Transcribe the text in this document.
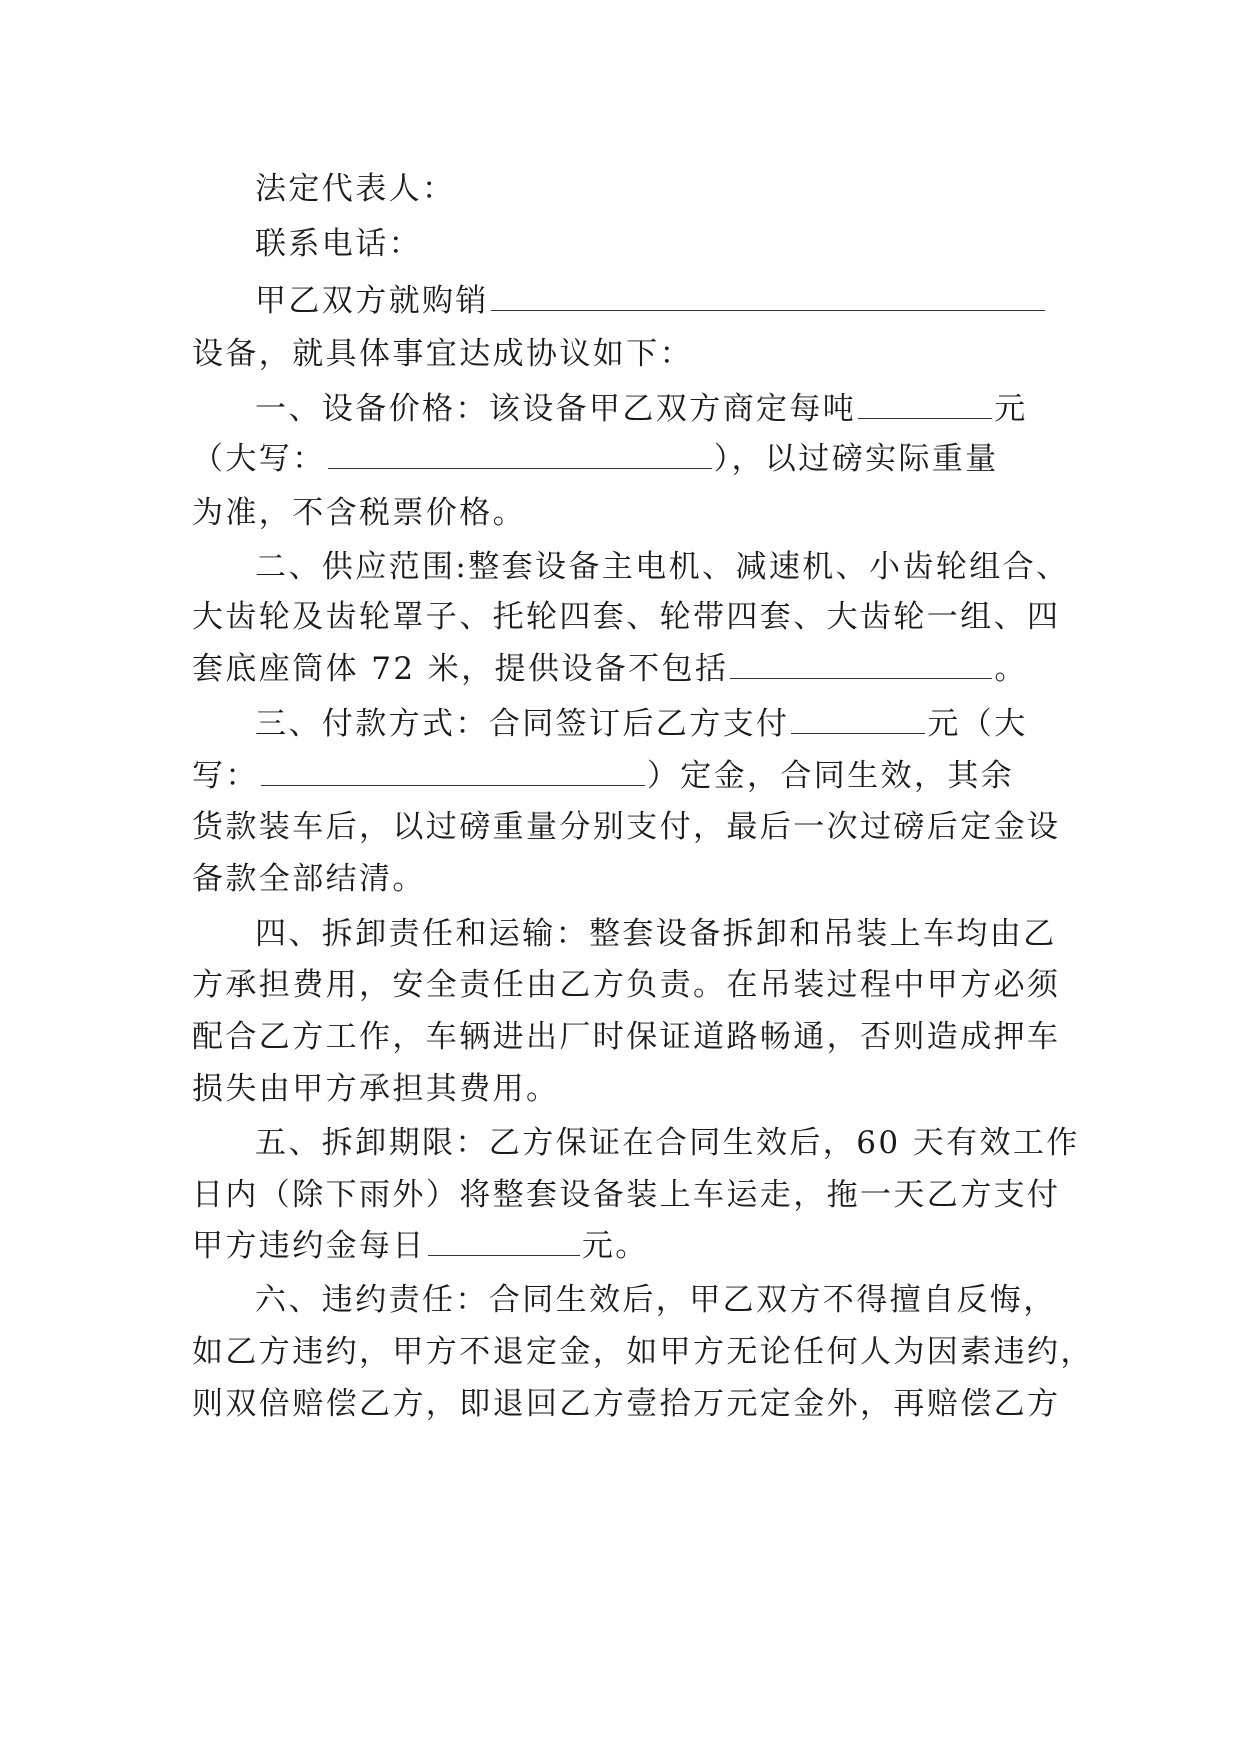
法定代表人：
联系电话：
甲乙双方就购销
设备，就具体事宜达成协议如下：
一、设备价格：该设备甲乙双方商定每吨	元
（大写：	），以过磅实际重量
为准，不含税票价格。
二、供应范围:整套设备主电机、减速机、小齿轮组合、
大齿轮及齿轮罩子、托轮四套、轮带四套、大齿轮一组、四
套底座筒体 72 米，提供设备不包括	。
三、付款方式：合同签订后乙方支付	元（大
写：	）定金，合同生效，其余
货款装车后，以过磅重量分别支付，最后一次过磅后定金设
备款全部结清。
四、拆卸责任和运输：整套设备拆卸和吊装上车均由乙
方承担费用，安全责任由乙方负责。在吊装过程中甲方必须
配合乙方工作，车辆进出厂时保证道路畅通，否则造成押车
损失由甲方承担其费用。
五、拆卸期限：乙方保证在合同生效后，60 天有效工作
日内（除下雨外）将整套设备装上车运走，拖一天乙方支付
甲方违约金每日	元。
六、违约责任：合同生效后，甲乙双方不得擅自反悔，
如乙方违约，甲方不退定金，如甲方无论任何人为因素违约，
则双倍赔偿乙方，即退回乙方壹拾万元定金外，再赔偿乙方
